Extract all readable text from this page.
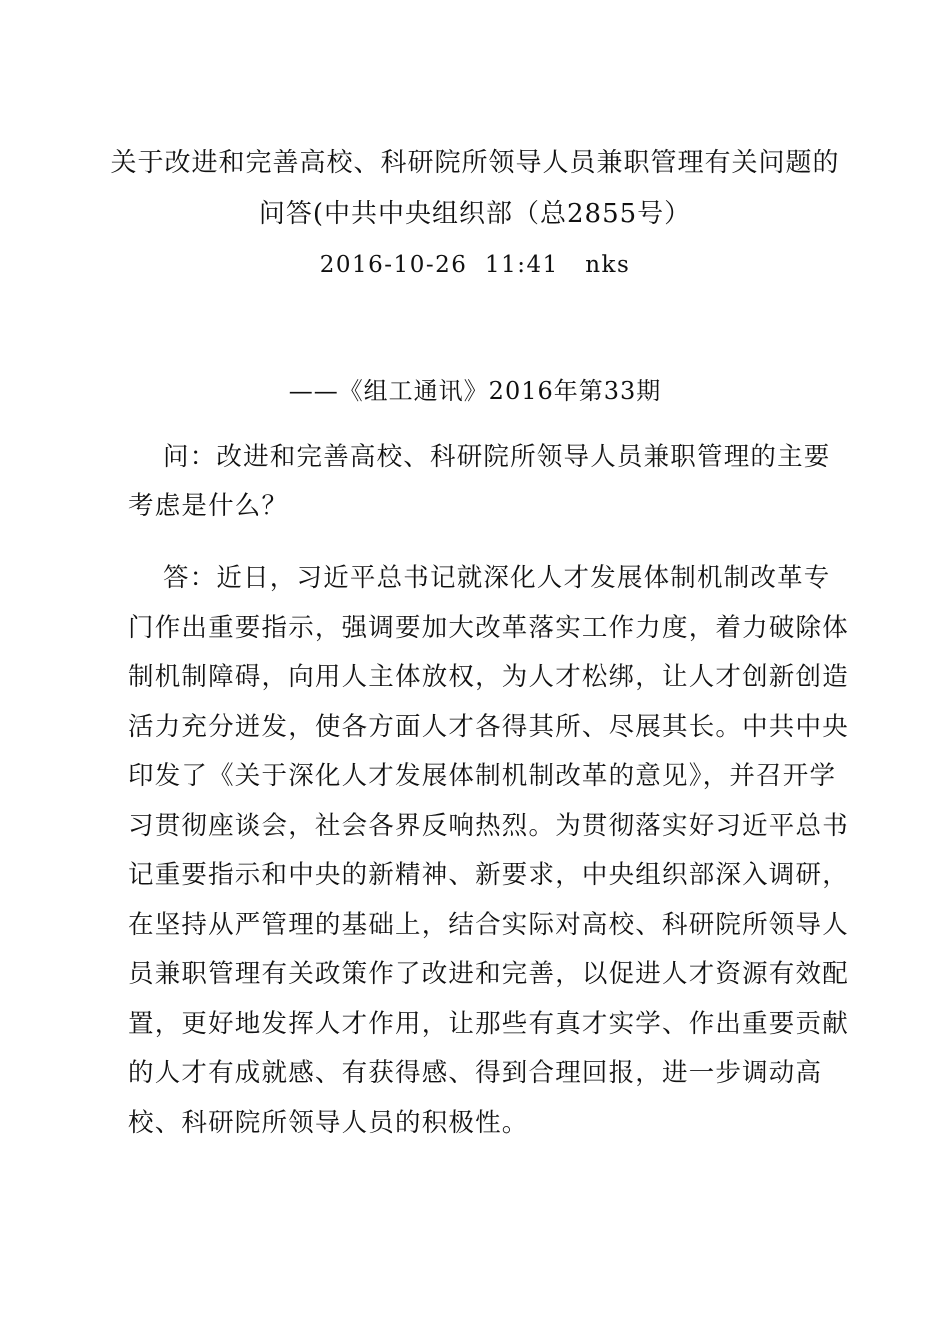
关于改进和完善高校、科研院所领导人员兼职管理有关问题的
问答(中共中央组织部（总2855号）
2016-10-26  11:41   nks
——《组工通讯》2016年第33期
问：改进和完善高校、科研院所领导人员兼职管理的主要
考虑是什么？
答：近日，习近平总书记就深化人才发展体制机制改革专
门作出重要指示，强调要加大改革落实工作力度，着力破除体
制机制障碍，向用人主体放权，为人才松绑，让人才创新创造
活力充分迸发，使各方面人才各得其所、尽展其长。中共中央
印发了《关于深化人才发展体制机制改革的意见》，并召开学
习贯彻座谈会，社会各界反响热烈。为贯彻落实好习近平总书
记重要指示和中央的新精神、新要求，中央组织部深入调研，
在坚持从严管理的基础上，结合实际对高校、科研院所领导人
员兼职管理有关政策作了改进和完善，以促进人才资源有效配
置，更好地发挥人才作用，让那些有真才实学、作出重要贡献
的人才有成就感、有获得感、得到合理回报，进一步调动高
校、科研院所领导人员的积极性。
